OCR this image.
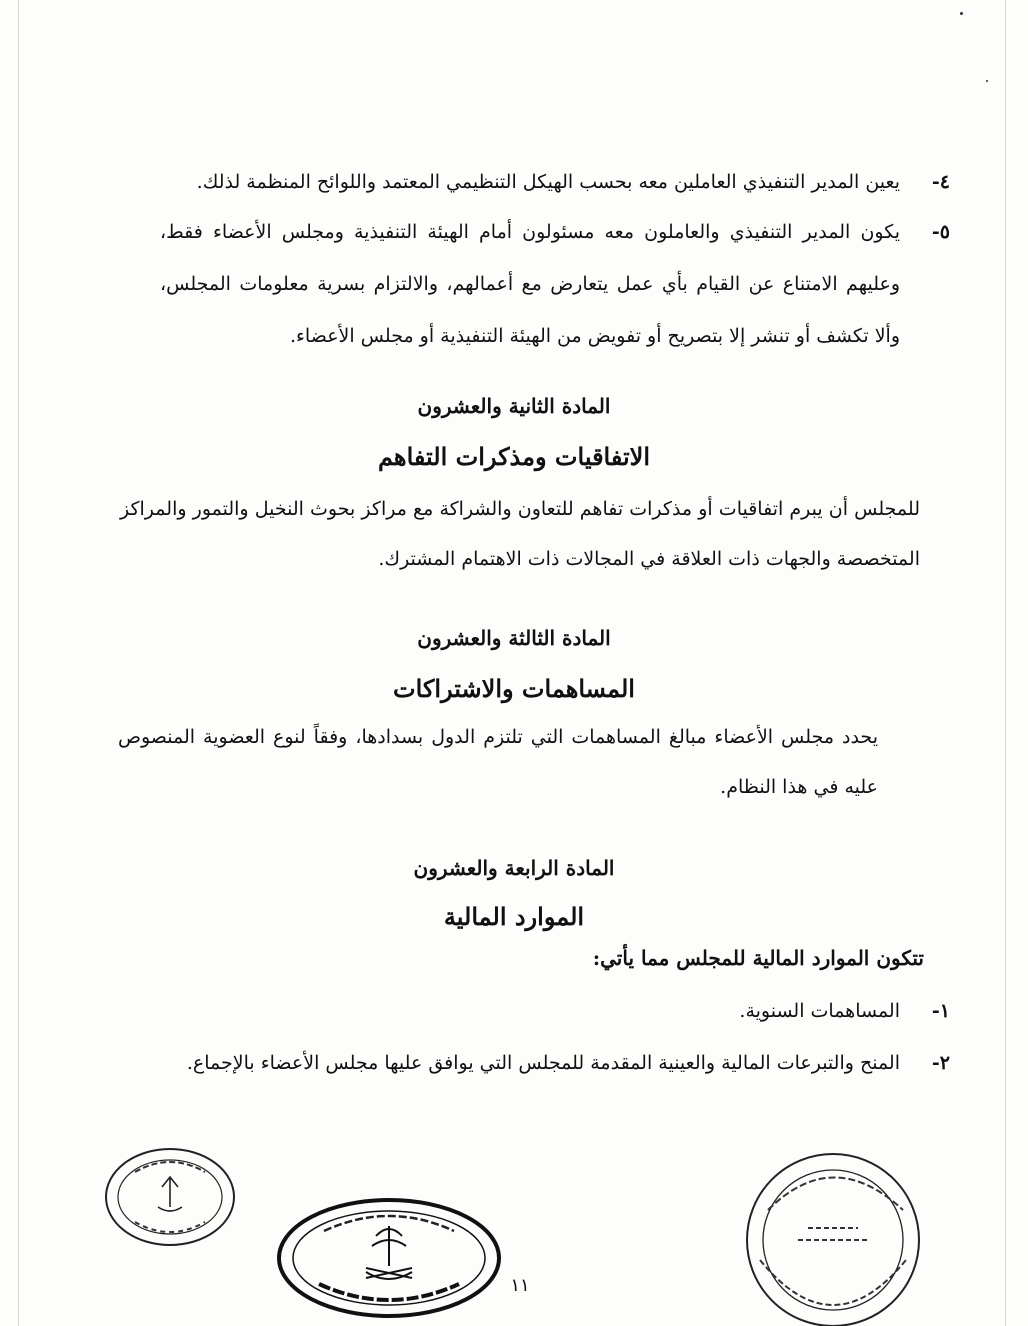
٤-
يعين المدير التنفيذي العاملين معه بحسب الهيكل التنظيمي المعتمد واللوائح المنظمة لذلك.
٥-
يكون المدير التنفيذي والعاملون معه مسئولون أمام الهيئة التنفيذية ومجلس الأعضاء فقط، وعليهم الامتناع عن القيام بأي عمل يتعارض مع أعمالهم، والالتزام بسرية معلومات المجلس، وألا تكشف أو تنشر إلا بتصريح أو تفويض من الهيئة التنفيذية أو مجلس الأعضاء.
المادة الثانية والعشرون
الاتفاقيات ومذكرات التفاهم
للمجلس أن يبرم اتفاقيات أو مذكرات تفاهم للتعاون والشراكة مع مراكز بحوث النخيل والتمور والمراكز المتخصصة والجهات ذات العلاقة في المجالات ذات الاهتمام المشترك.
المادة الثالثة والعشرون
المساهمات والاشتراكات
يحدد مجلس الأعضاء مبالغ المساهمات التي تلتزم الدول بسدادها، وفقاً لنوع العضوية المنصوص عليه في هذا النظام.
المادة الرابعة والعشرون
الموارد المالية
تتكون الموارد المالية للمجلس مما يأتي:
١-
المساهمات السنوية.
٢-
المنح والتبرعات المالية والعينية المقدمة للمجلس التي يوافق عليها مجلس الأعضاء بالإجماع.
١١
